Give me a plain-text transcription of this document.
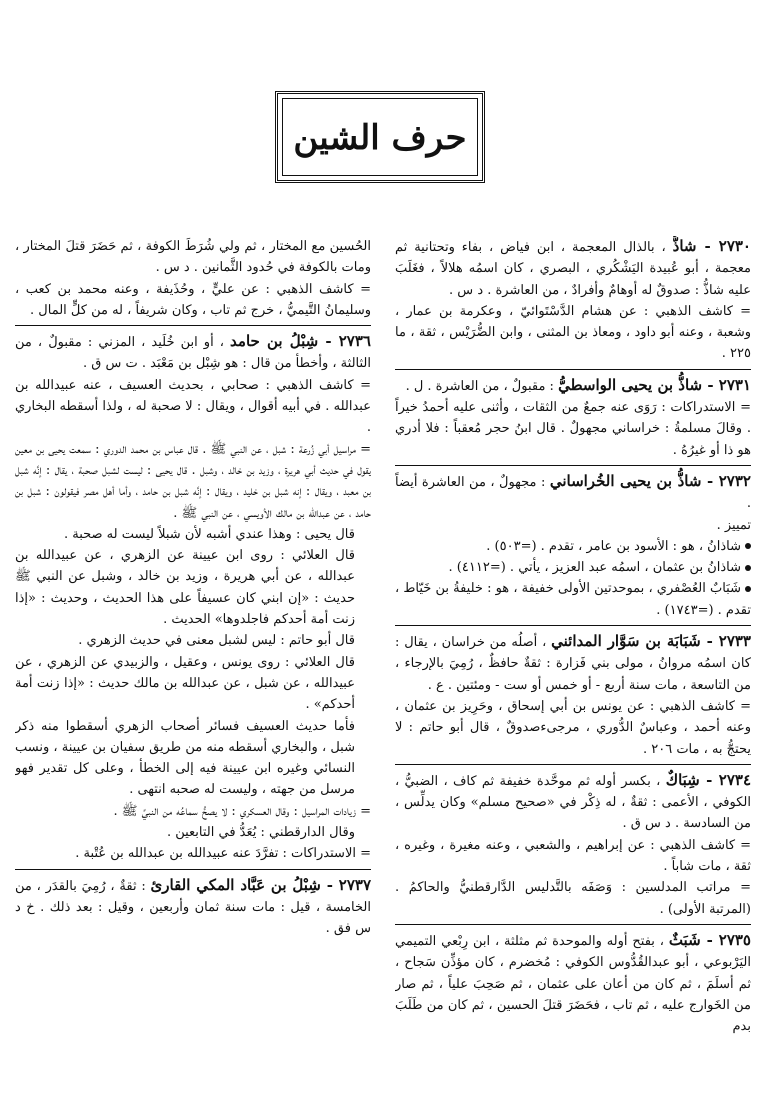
حرف الشين

٢٧٣٠ - شاذُّ ، بالذال المعجمة ، ابن فياض ، بفاء وتحتانية ثم معجمة ، أبو عُبيدة اليَشْكُري ، البصري ، كان اسمُه هلالاً ، فغَلَبَ عليه شاذُّ : صدوقٌ له أوهامٌ وأفرادٌ ، من العاشرة . د س .

= كاشف الذهبي : عن هشام الدَّسْتَوائيّ ، وعكرمة بن عمار ، وشعبة ، وعنه أبو داود ، ومعاذ بن المثنى ، وابن الضُّرَيْس ، ثقة ، ما ٢٢٥ .

٢٧٣١ - شاذُّ بن يحيى الواسطيُّ : مقبولٌ ، من العاشرة . ل .

= الاستدراكات : رَوَى عنه جمعٌ من الثقات ، وأثنى عليه أحمدُ خيراً . وقالَ مسلمةُ : خراساني مجهولٌ . قال ابنُ حجر مُعقباً : فلا أدري هو ذا أو غيرُهُ .

٢٧٣٢ - شاذُّ بن يحيى الخُراساني : مجهولٌ ، من العاشرة أيضاً .

تمييز .

شاذانُ ، هو : الأسود بن عامر ، تقدم . (=٥٠٣) .

شاذانُ بن عثمان ، اسمُه عبد العزيز ، يأتي . (=٤١١٢) .

شَبَابٌ العُصْفري ، بموحدتين الأولى خفيفة ، هو : خليفةُ بن خَيّاط ، تقدم . (=١٧٤٣) .

٢٧٣٣ - شَبَابَة بن سَوَّار المدائني ، أصلُه من خراسان ، يقال : كان اسمُه مروانُ ، مولى بني فَزارة : ثقةٌ حافظٌ ، رُمِيَ بالإرجاء ، من التاسعة ، مات سنة أربع - أو خمس أو ست - ومئتين . ع .

= كاشف الذهبي : عن يونس بن أبي إسحاق ، وحَرِيز بن عثمان ، وعنه أحمد ، وعباسٌ الدُّوري ، مرجىءصدوقٌ ، قال أبو حاتم : لا يحتجُّ به ، مات ٢٠٦ .

٢٧٣٤ - شِبَاكٌ ، بكسر أوله ثم موحَّدة خفيفة ثم كاف ، الضبيُّ ، الكوفي ، الأعمى : ثقةٌ ، له ذِكْر في «صحيح مسلم» وكان يدلِّس ، من السادسة . د س ق .

= كاشف الذهبي : عن إبراهيم ، والشعبي ، وعنه مغيرة ، وغيره ، ثقة ، مات شاباً .

= مراتب المدلسين : وَصَفَه بالتَّدليس الدَّارقطنيُّ والحاكمُ . (المرتبة الأولى) .

٢٧٣٥ - شَبَثٌ ، بفتح أوله والموحدة ثم مثلثة ، ابن رِبْعي التميمي اليَرْبوعي ، أبو عبدالقُدُّوس الكوفي : مُخضرم ، كان مؤذِّن سَجاح ، ثم أسلَمَ ، ثم كان من أعان على عثمان ، ثم صَحِبَ علياً ، ثم صار من الخَوارج عليه ، ثم تاب ، فحَضَرَ قتلَ الحسين ، ثم كان من طَلَبَ بدم

الحُسين مع المختار ، ثم ولي شُرَطَ الكوفة ، ثم حَضَرَ قتلَ المختار ، ومات بالكوفة في حُدود الثَّمانين . د س .

= كاشف الذهبي : عن عليٍّ ، وحُذَيفة ، وعنه محمد بن كعب ، وسليمانُ التَّيميُّ ، خرج ثم تاب ، وكان شريفاً ، له من كلٍّ المال .

٢٧٣٦ - شِبْلُ بن حامد ، أو ابن خُلَيد ، المزني : مقبولٌ ، من الثالثة ، وأخطأ من قال : هو شِبْل بن مَعْبَد . ت س ق .

= كاشف الذهبي : صحابي ، بحديث العسيف ، عنه عبيدالله بن عبدالله . في أبيه أقوال ، ويقال : لا صحبة له ، ولذا أسقطه البخاري .

= مراسيل أبي زُرعة : شبل ، عن النبي ﷺ . قال عباس بن محمد الدوري : سمعت يحيى بن معين يقول في حديث أبي هريرة ، وزيد بن خالد ، وشبل . قال يحيى : ليست لشبل صحبة ، يقال : إنَّه شبل بن معبد ، ويقال : إنه شبل بن خليد ، ويقال : إنَّه شبل بن حامد ، وأما أهل مصر فيقولون : شبل بن حامد ، عن عبدالله بن مالك الأويسي ، عن النبي ﷺ .

قال يحيى : وهذا عندي أشبه لأن شبلاً ليست له صحبة .

قال العلائي : روى ابن عيينة عن الزهري ، عن عبيدالله بن عبدالله ، عن أبي هريرة ، وزيد بن خالد ، وشبل عن النبي ﷺ حديث : «إن ابني كان عسيفاً على هذا الحديث ، وحديث : «إذا زنت أمة أحدكم فاجلدوها» الحديث .

قال أبو حاتم : ليس لشبل معنى في حديث الزهري .

قال العلائي : روى يونس ، وعقيل ، والزبيدي عن الزهري ، عن عبيدالله ، عن شبل ، عن عبدالله بن مالك حديث : «إذا زنت أمة أحدكم» .

فأما حديث العسيف فسائر أصحاب الزهري أسقطوا منه ذكر شبل ، والبخاري أسقطه منه من طريق سفيان بن عيينة ، ونسب النسائي وغيره ابن عيينة فيه إلى الخطأ ، وعلى كل تقدير فهو مرسل من جهته ، وليست له صحبه انتهى .

= زيادات المراسيل : وقال العسكري : لا يصحُّ سماعُه من النبيِّ ﷺ .

وقال الدارقطني : يُعَدُّ في التابعين .

= الاستدراكات : تفرَّدَ عنه عبيدالله بن عبدالله بن عُتْبة .

٢٧٣٧ - شِبْلُ بن عَبَّاد المكي القارئ : ثقةٌ ، رُمِيَ بالقدَر ، من الخامسة ، قيل : مات سنة ثمان وأربعين ، وقيل : بعد ذلك . خ د س فق .
